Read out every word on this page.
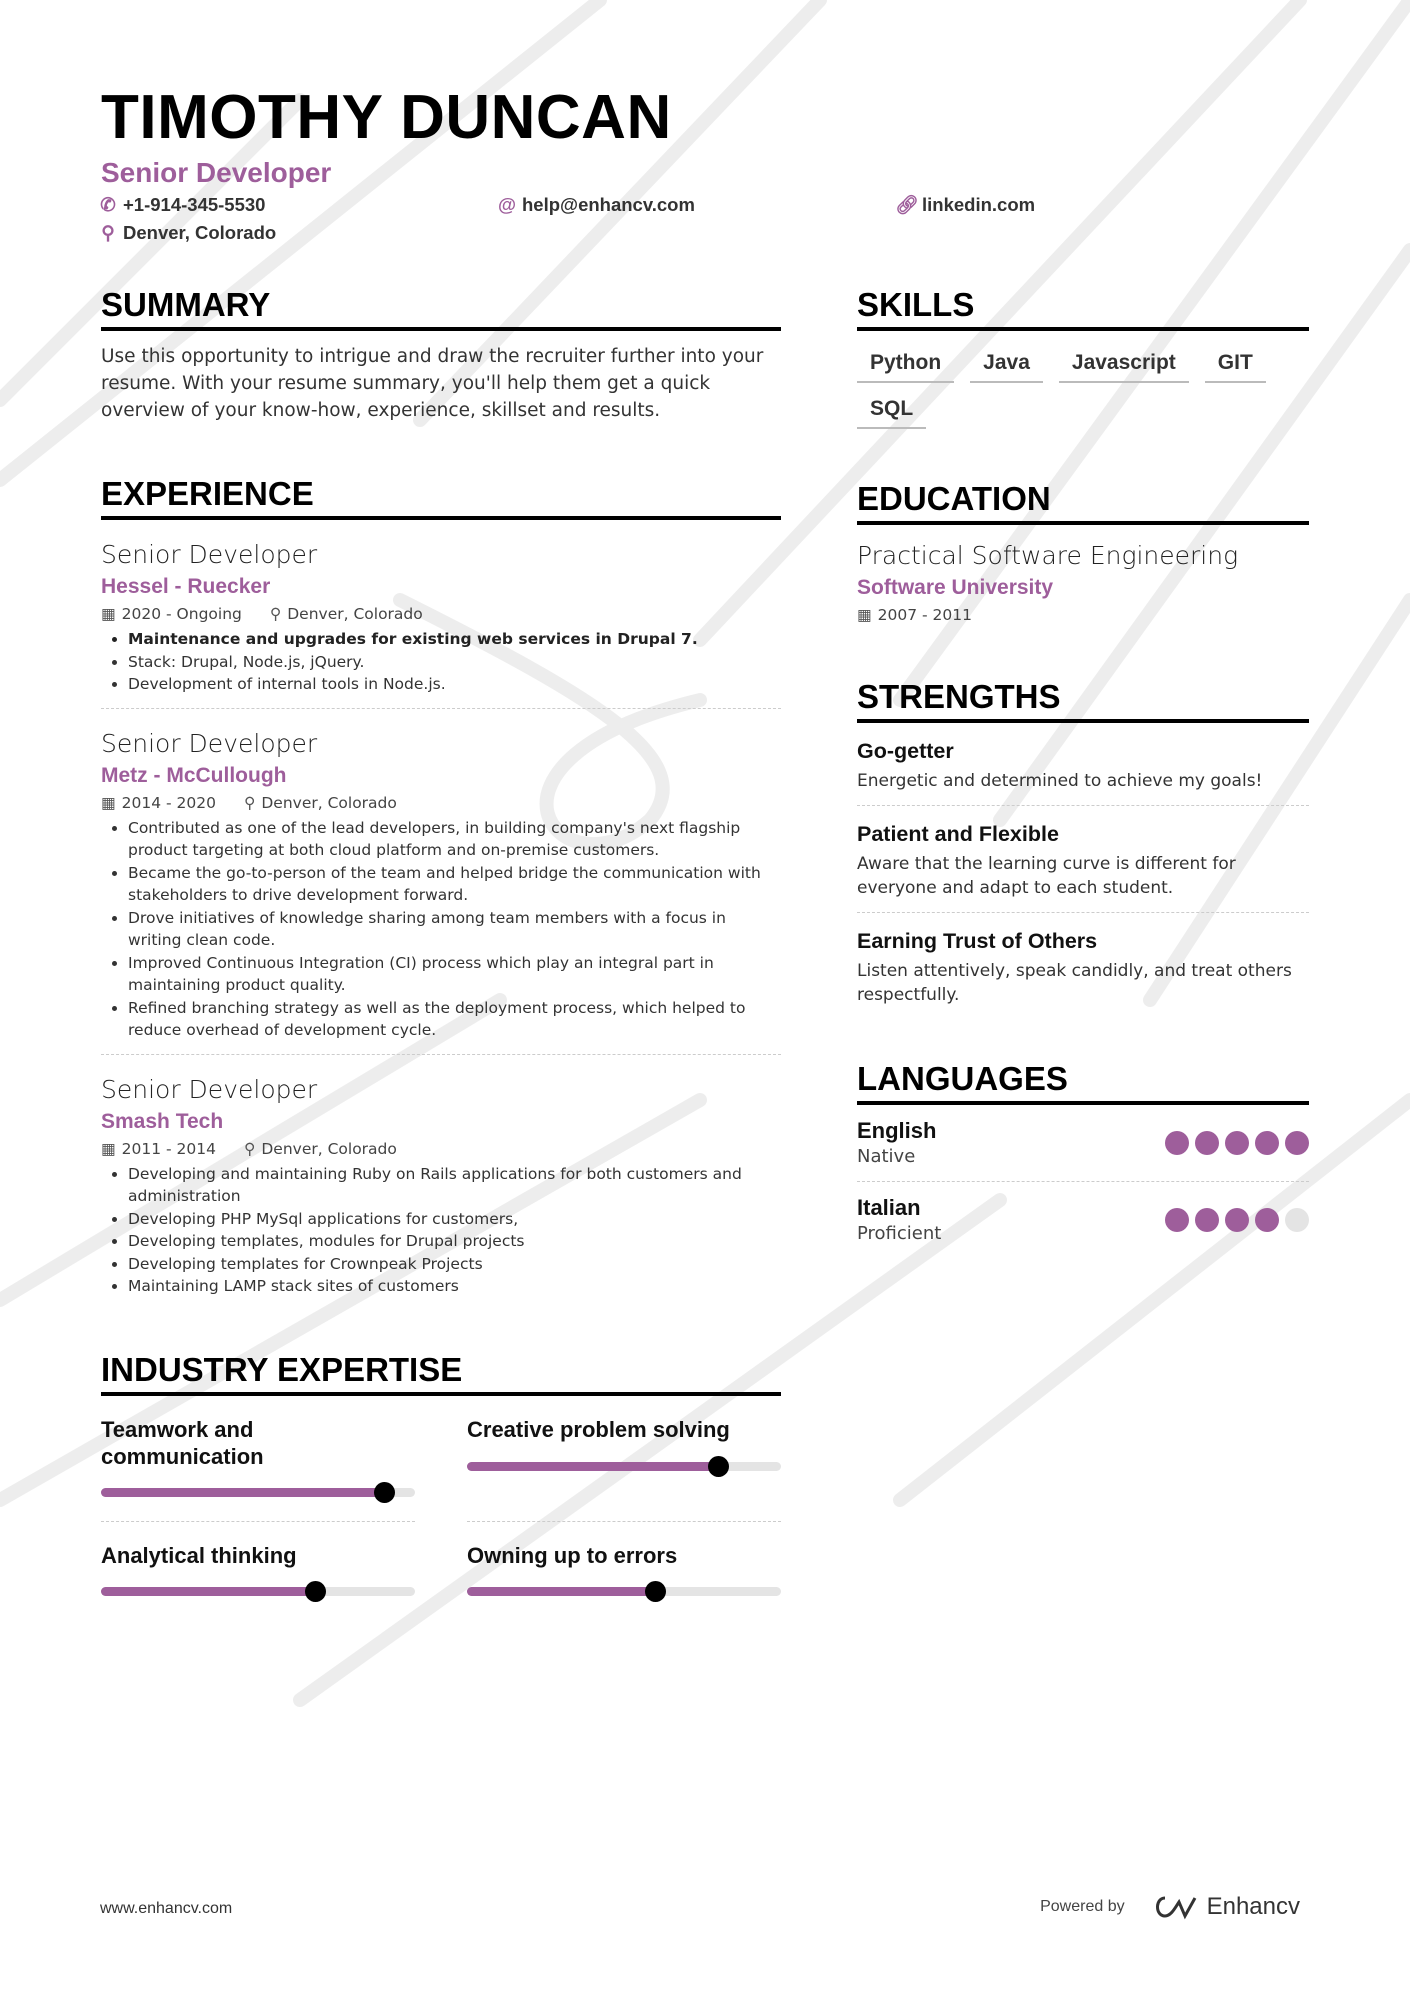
TIMOTHY DUNCAN
Senior Developer
✆ +1-914-345-5530	@ help@enhancv.com	🔗︎ linkedin.com
⚲ Denver, Colorado
SUMMARY

Use this opportunity to intrigue and draw the recruiter further into your resume. With your resume summary, you'll help them get a quick overview of your know-how, experience, skillset and results.

EXPERIENCE
Senior Developer
Hessel - Ruecker
▦ 2020 - Ongoing ⚲ Denver, Colorado
• Maintenance and upgrades for existing web services in Drupal 7.
• Stack: Drupal, Node.js, jQuery.
• Development of internal tools in Node.js.
Senior Developer
Metz - McCullough
▦ 2014 - 2020 ⚲ Denver, Colorado
• Contributed as one of the lead developers, in building company's next flagship product targeting at both cloud platform and on-premise customers.
• Became the go-to-person of the team and helped bridge the communication with stakeholders to drive development forward.
• Drove initiatives of knowledge sharing among team members with a focus in writing clean code.
• Improved Continuous Integration (CI) process which play an integral part in maintaining product quality.
• Refined branching strategy as well as the deployment process, which helped to reduce overhead of development cycle.
Senior Developer
Smash Tech
▦ 2011 - 2014 ⚲ Denver, Colorado
• Developing and maintaining Ruby on Rails applications for both customers and administration
• Developing PHP MySql applications for customers,
• Developing templates, modules for Drupal projects
• Developing templates for Crownpeak Projects
• Maintaining LAMP stack sites of customers
INDUSTRY EXPERTISE
Teamwork and communication
Creative problem solving
Analytical thinking	Owning up to errors
SKILLS
Python	Java	Javascript	GIT
SQL
EDUCATION
Practical Software Engineering
Software University
▦ 2007 - 2011
STRENGTHS
Go-getter
Energetic and determined to achieve my goals!
Patient and Flexible
Aware that the learning curve is different for everyone and adapt to each student.
Earning Trust of Others
Listen attentively, speak candidly, and treat others respectfully.
LANGUAGES
English
Native
Italian
Proficient
www.enhancv.com	Powered by	Enhancv
